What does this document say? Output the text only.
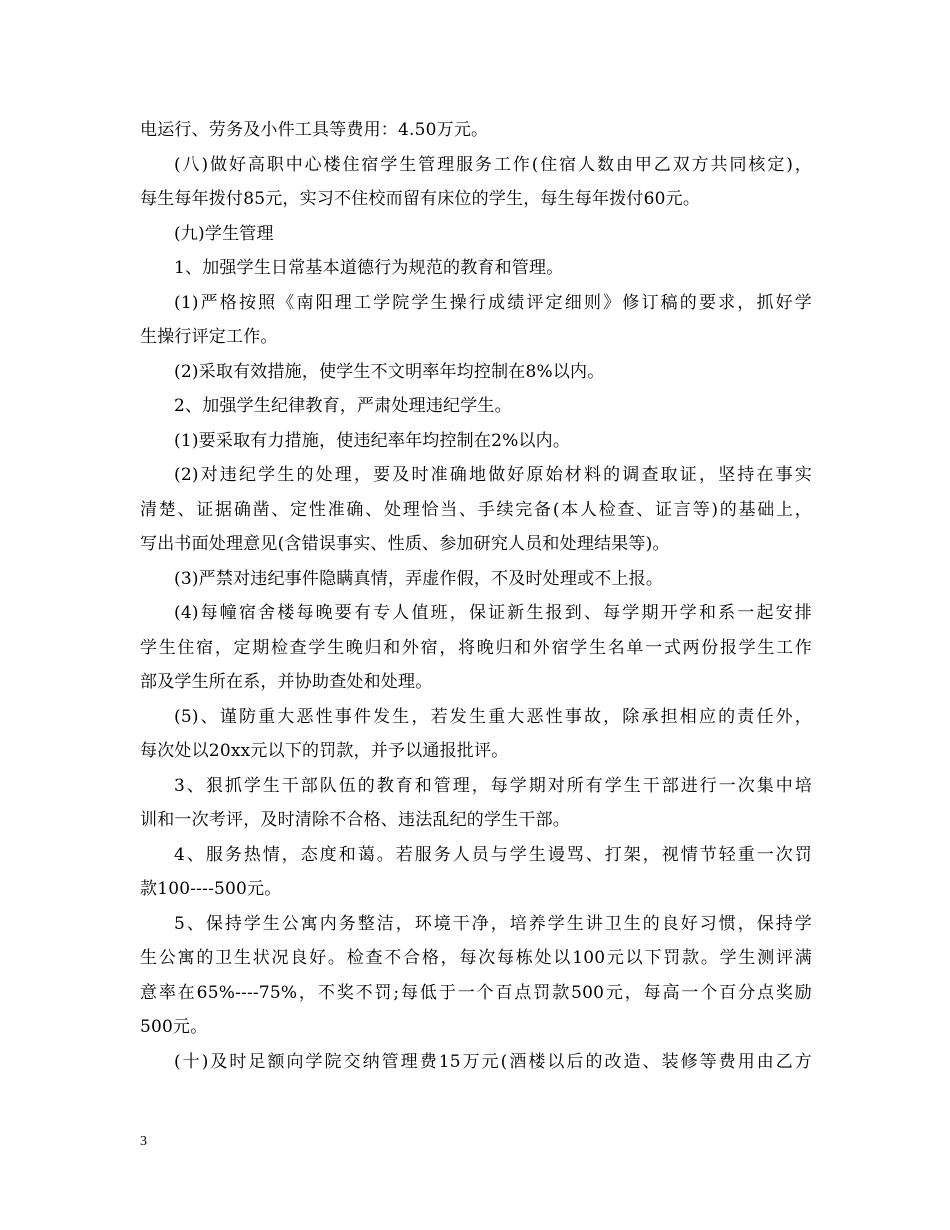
电运行、劳务及小件工具等费用：4.50万元。
(八)做好高职中心楼住宿学生管理服务工作(住宿人数由甲乙双方共同核定)，
每生每年拨付85元，实习不住校而留有床位的学生，每生每年拨付60元。
(九)学生管理
1、加强学生日常基本道德行为规范的教育和管理。
(1)严格按照《南阳理工学院学生操行成绩评定细则》修订稿的要求，抓好学
生操行评定工作。
(2)采取有效措施，使学生不文明率年均控制在8%以内。
2、加强学生纪律教育，严肃处理违纪学生。
(1)要采取有力措施，使违纪率年均控制在2%以内。
(2)对违纪学生的处理，要及时准确地做好原始材料的调查取证，坚持在事实
清楚、证据确凿、定性准确、处理恰当、手续完备(本人检查、证言等)的基础上，
写出书面处理意见(含错误事实、性质、参加研究人员和处理结果等)。
(3)严禁对违纪事件隐瞒真情，弄虚作假，不及时处理或不上报。
(4)每幢宿舍楼每晚要有专人值班，保证新生报到、每学期开学和系一起安排
学生住宿，定期检查学生晚归和外宿，将晚归和外宿学生名单一式两份报学生工作
部及学生所在系，并协助查处和处理。
(5)、谨防重大恶性事件发生，若发生重大恶性事故，除承担相应的责任外，
每次处以20xx元以下的罚款，并予以通报批评。
3、狠抓学生干部队伍的教育和管理，每学期对所有学生干部进行一次集中培
训和一次考评，及时清除不合格、违法乱纪的学生干部。
4、服务热情，态度和蔼。若服务人员与学生谩骂、打架，视情节轻重一次罚
款100----500元。
5、保持学生公寓内务整洁，环境干净，培养学生讲卫生的良好习惯，保持学
生公寓的卫生状况良好。检查不合格，每次每栋处以100元以下罚款。学生测评满
意率在65%----75%，不奖不罚;每低于一个百点罚款500元，每高一个百分点奖励
500元。
(十)及时足额向学院交纳管理费15万元(酒楼以后的改造、装修等费用由乙方
3
